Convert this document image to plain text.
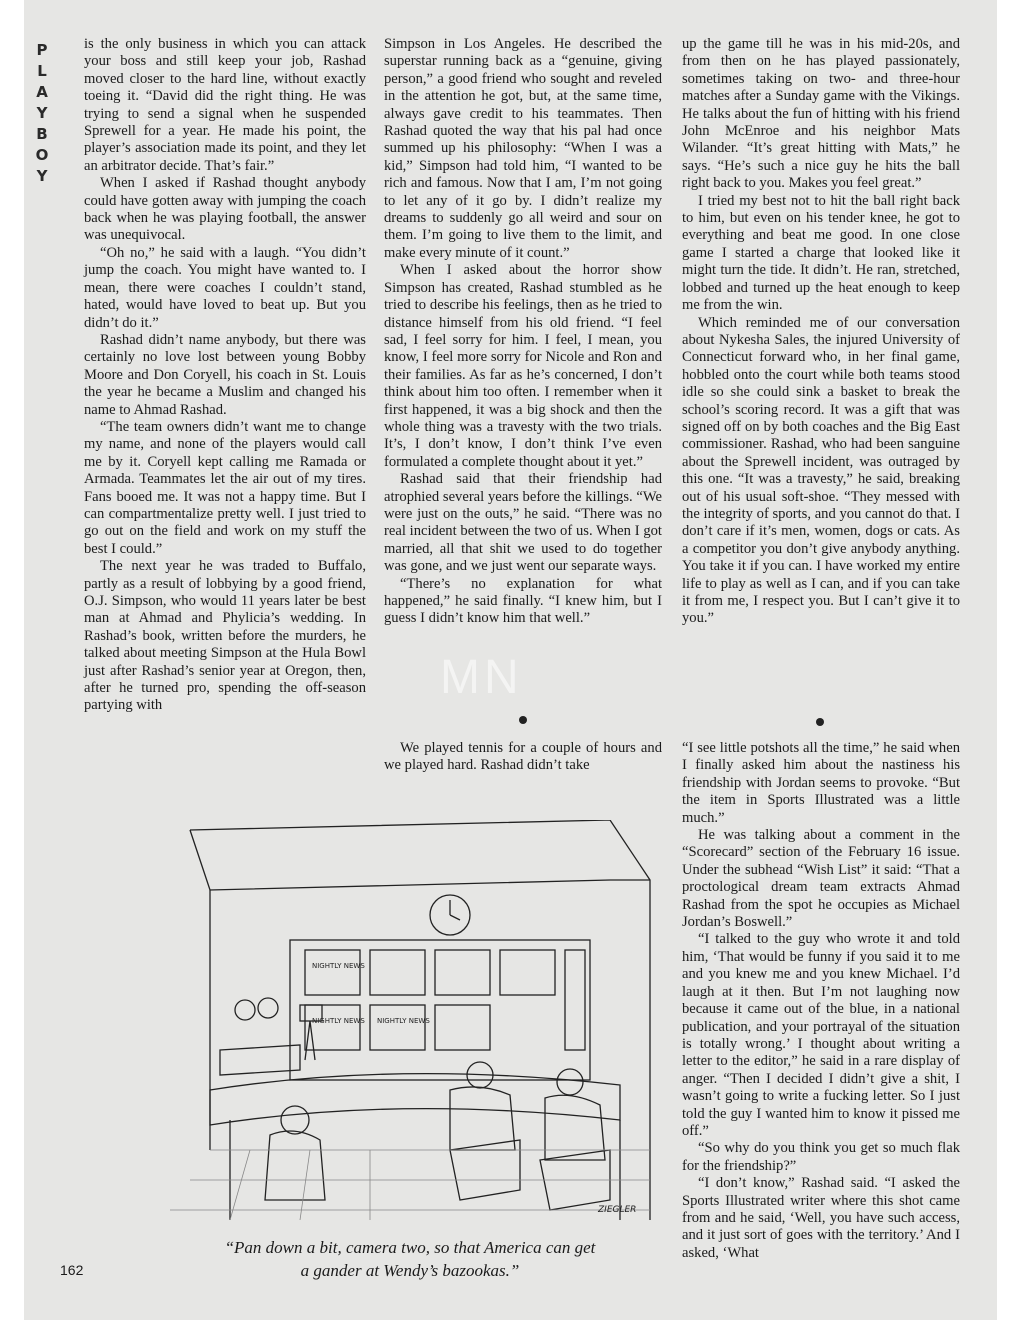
P
L
A
Y
B
O
Y

is the only business in which you can attack your boss and still keep your job, Rashad moved closer to the hard line, without exactly toeing it. “David did the right thing. He was trying to send a signal when he suspended Sprewell for a year. He made his point, the player’s association made its point, and they let an arbitrator decide. That’s fair.”

When I asked if Rashad thought anybody could have gotten away with jumping the coach back when he was playing football, the answer was unequivocal.

“Oh no,” he said with a laugh. “You didn’t jump the coach. You might have wanted to. I mean, there were coaches I couldn’t stand, hated, would have loved to beat up. But you didn’t do it.”

Rashad didn’t name anybody, but there was certainly no love lost between young Bobby Moore and Don Coryell, his coach in St. Louis the year he became a Muslim and changed his name to Ahmad Rashad.

“The team owners didn’t want me to change my name, and none of the players would call me by it. Coryell kept calling me Ramada or Armada. Teammates let the air out of my tires. Fans booed me. It was not a happy time. But I can compartmentalize pretty well. I just tried to go out on the field and work on my stuff the best I could.”

The next year he was traded to Buffalo, partly as a result of lobbying by a good friend, O.J. Simpson, who would 11 years later be best man at Ahmad and Phylicia’s wedding. In Rashad’s book, written before the murders, he talked about meeting Simpson at the Hula Bowl just after Rashad’s senior year at Oregon, then, after he turned pro, spending the off-season partying with

Simpson in Los Angeles. He described the superstar running back as a “genuine, giving person,” a good friend who sought and reveled in the attention he got, but, at the same time, always gave credit to his teammates. Then Rashad quoted the way that his pal had once summed up his philosophy: “When I was a kid,” Simpson had told him, “I wanted to be rich and famous. Now that I am, I’m not going to let any of it go by. I didn’t realize my dreams to suddenly go all weird and sour on them. I’m going to live them to the limit, and make every minute of it count.”

When I asked about the horror show Simpson has created, Rashad stumbled as he tried to describe his feelings, then as he tried to distance himself from his old friend. “I feel sad, I feel sorry for him. I feel, I mean, you know, I feel more sorry for Nicole and Ron and their families. As far as he’s concerned, I don’t think about him too often. I remember when it first happened, it was a big shock and then the whole thing was a travesty with the two trials. It’s, I don’t know, I don’t think I’ve even formulated a complete thought about it yet.”

Rashad said that their friendship had atrophied several years before the killings. “We were just on the outs,” he said. “There was no real incident between the two of us. When I got married, all that shit we used to do together was gone, and we just went our separate ways.

“There’s no explanation for what happened,” he said finally. “I knew him, but I guess I didn’t know him that well.”

We played tennis for a couple of hours and we played hard. Rashad didn’t take

up the game till he was in his mid-20s, and from then on he has played passionately, sometimes taking on two- and three-hour matches after a Sunday game with the Vikings. He talks about the fun of hitting with his friend John McEnroe and his neighbor Mats Wilander. “It’s great hitting with Mats,” he says. “He’s such a nice guy he hits the ball right back to you. Makes you feel great.”

I tried my best not to hit the ball right back to him, but even on his tender knee, he got to everything and beat me good. In one close game I started a charge that looked like it might turn the tide. It didn’t. He ran, stretched, lobbed and turned up the heat enough to keep me from the win.

Which reminded me of our conversation about Nykesha Sales, the injured University of Connecticut forward who, in her final game, hobbled onto the court while both teams stood idle so she could sink a basket to break the school’s scoring record. It was a gift that was signed off on by both coaches and the Big East commissioner. Rashad, who had been sanguine about the Sprewell incident, was outraged by this one. “It was a travesty,” he said, breaking out of his usual soft-shoe. “They messed with the integrity of sports, and you cannot do that. I don’t care if it’s men, women, dogs or cats. As a competitor you don’t give anybody anything. You take it if you can. I have worked my entire life to play as well as I can, and if you can take it from me, I respect you. But I can’t give it to you.”

“I see little potshots all the time,” he said when I finally asked him about the nastiness his friendship with Jordan seems to provoke. “But the item in Sports Illustrated was a little much.”

He was talking about a comment in the “Scorecard” section of the February 16 issue. Under the subhead “Wish List” it said: “That a proctological dream team extracts Ahmad Rashad from the spot he occupies as Michael Jordan’s Boswell.”

“I talked to the guy who wrote it and told him, ‘That would be funny if you said it to me and you knew me and you knew Michael. I’d laugh at it then. But I’m not laughing now because it came out of the blue, in a national publication, and your portrayal of the situation is totally wrong.’ I thought about writing a letter to the editor,” he said in a rare display of anger. “Then I decided I didn’t give a shit, I wasn’t going to write a fucking letter. So I just told the guy I wanted him to know it pissed me off.”

“So why do you think you get so much flak for the friendship?”

“I don’t know,” Rashad said. “I asked the Sports Illustrated writer where this shot came from and he said, ‘Well, you have such access, and it just sort of goes with the territory.’ And I asked, ‘What

NIGHTLY NEWS
NIGHTLY NEWS NIGHTLY NEWS
ZIEGLER
“Pan down a bit, camera two, so that America can get
a gander at Wendy’s bazookas.”
162
MN
